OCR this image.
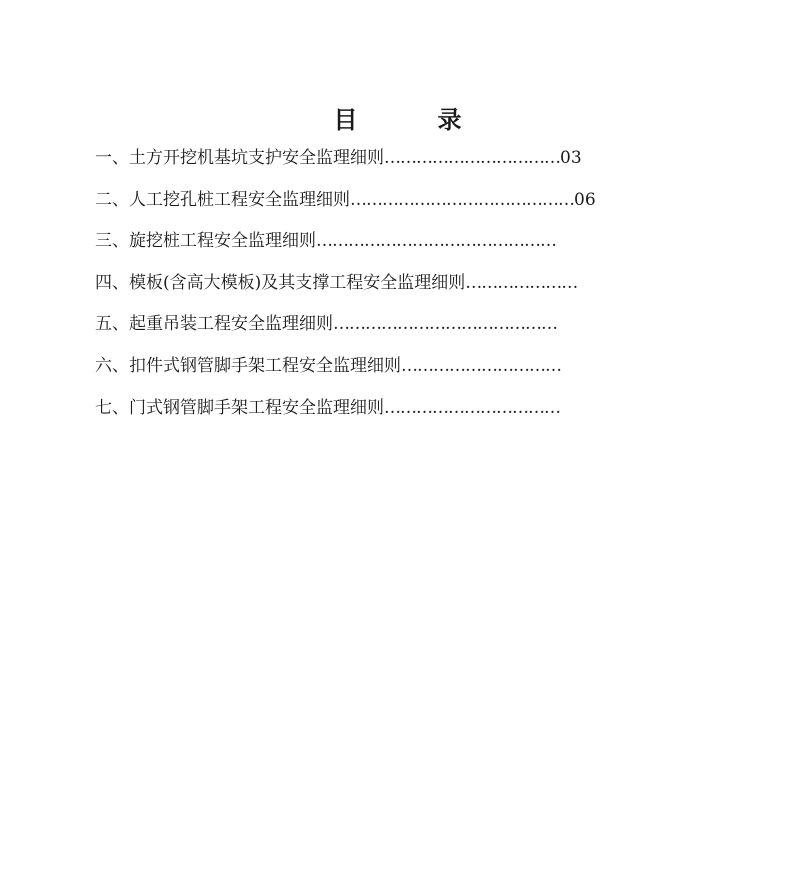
目　录
一、土方开挖机基坑支护安全监理细则……………………………03
二、人工挖孔桩工程安全监理细则……………………………………06
三、旋挖桩工程安全监理细则………………………………………
四、模板(含高大模板)及其支撑工程安全监理细则…………………
五、起重吊装工程安全监理细则……………………………………
六、扣件式钢管脚手架工程安全监理细则…………………………
七、门式钢管脚手架工程安全监理细则……………………………
